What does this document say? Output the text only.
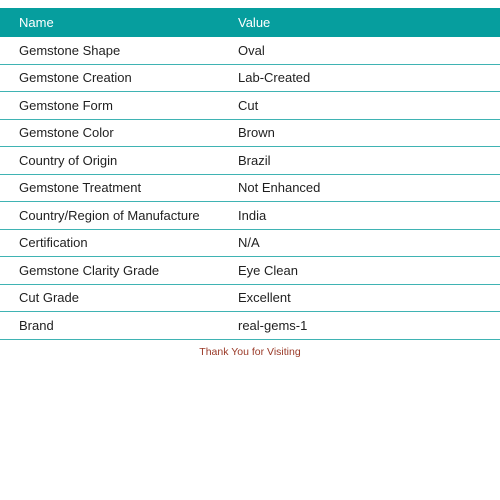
Name	Value
Gemstone Shape	Oval
Gemstone Creation	Lab-Created
Gemstone Form	Cut
Gemstone Color	Brown
Country of Origin	Brazil
Gemstone Treatment	Not Enhanced
Country/Region of Manufacture	India
Certification	N/A
Gemstone Clarity Grade	Eye Clean
Cut Grade	Excellent
Brand	real-gems-1
Thank You for Visiting
